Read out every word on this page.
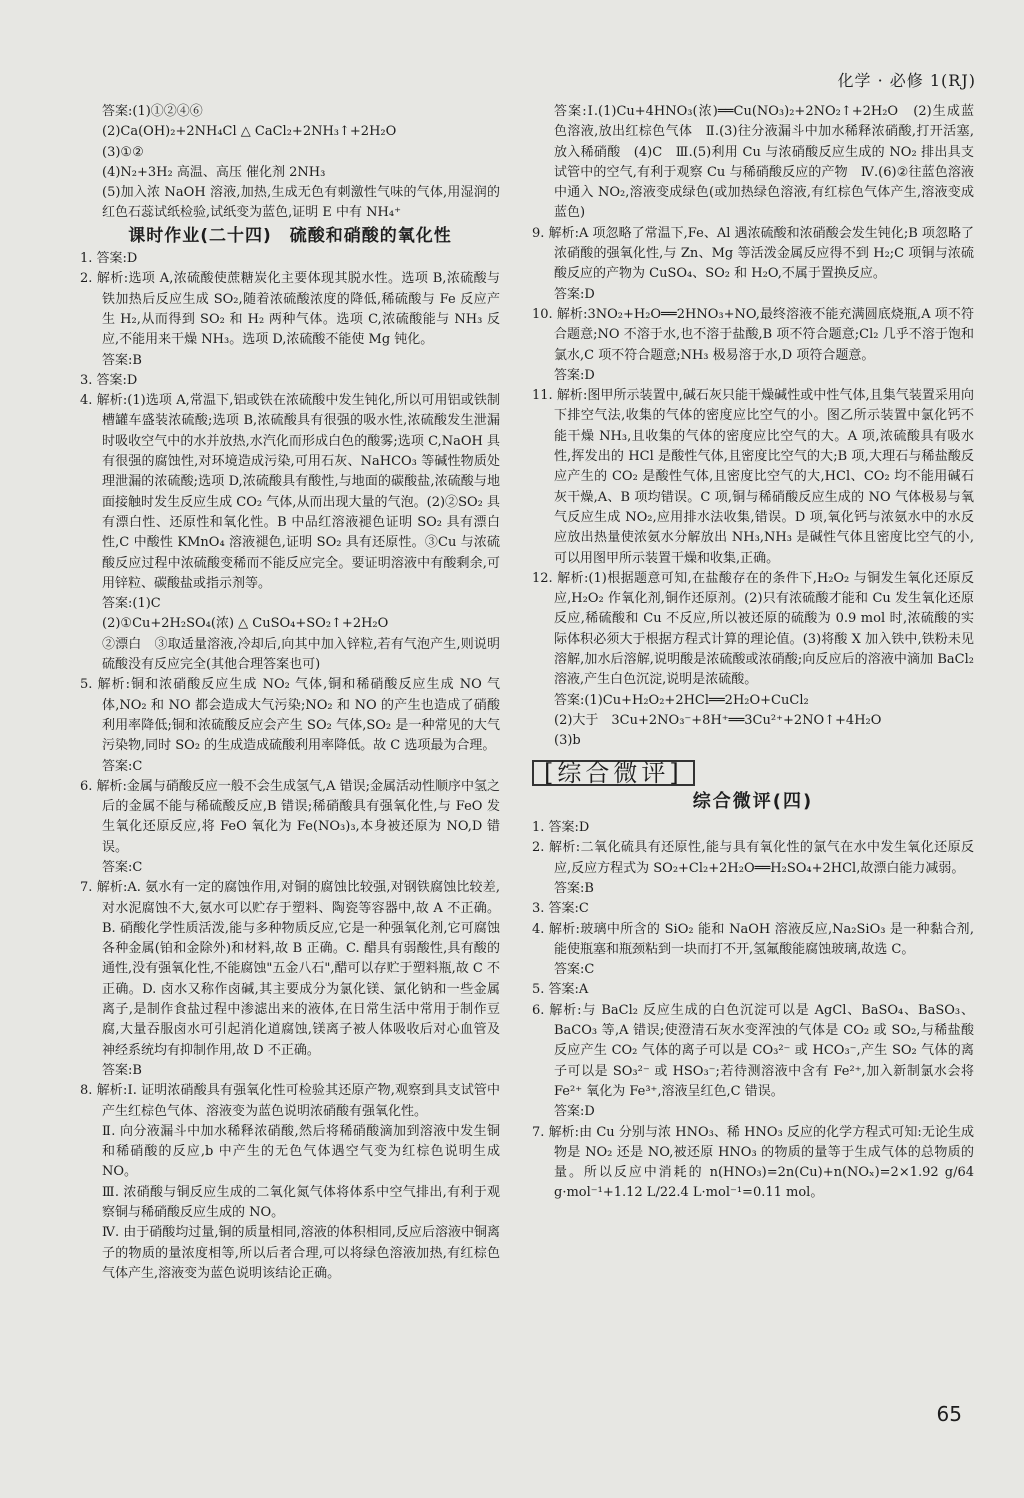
化学 · 必修 1(RJ)

答案:(1)①②④⑥

(2)Ca(OH)₂+2NH₄Cl △ CaCl₂+2NH₃↑+2H₂O

(3)①②

(4)N₂+3H₂ 高温、高压 催化剂 2NH₃

(5)加入浓 NaOH 溶液,加热,生成无色有刺激性气味的气体,用湿润的红色石蕊试纸检验,试纸变为蓝色,证明 E 中有 NH₄⁺

课时作业(二十四)　硫酸和硝酸的氧化性

1. 答案:D

2. 解析:选项 A,浓硫酸使蔗糖炭化主要体现其脱水性。选项 B,浓硫酸与铁加热后反应生成 SO₂,随着浓硫酸浓度的降低,稀硫酸与 Fe 反应产生 H₂,从而得到 SO₂ 和 H₂ 两种气体。选项 C,浓硫酸能与 NH₃ 反应,不能用来干燥 NH₃。选项 D,浓硫酸不能使 Mg 钝化。

答案:B

3. 答案:D

4. 解析:(1)选项 A,常温下,铝或铁在浓硫酸中发生钝化,所以可用铝或铁制槽罐车盛装浓硫酸;选项 B,浓硫酸具有很强的吸水性,浓硫酸发生泄漏时吸收空气中的水并放热,水汽化而形成白色的酸雾;选项 C,NaOH 具有很强的腐蚀性,对环境造成污染,可用石灰、NaHCO₃ 等碱性物质处理泄漏的浓硫酸;选项 D,浓硫酸具有酸性,与地面的碳酸盐,浓硫酸与地面接触时发生反应生成 CO₂ 气体,从而出现大量的气泡。(2)②SO₂ 具有漂白性、还原性和氧化性。B 中品红溶液褪色证明 SO₂ 具有漂白性,C 中酸性 KMnO₄ 溶液褪色,证明 SO₂ 具有还原性。③Cu 与浓硫酸反应过程中浓硫酸变稀而不能反应完全。要证明溶液中有酸剩余,可用锌粒、碳酸盐或指示剂等。

答案:(1)C

(2)①Cu+2H₂SO₄(浓) △ CuSO₄+SO₂↑+2H₂O

②漂白　③取适量溶液,冷却后,向其中加入锌粒,若有气泡产生,则说明硫酸没有反应完全(其他合理答案也可)

5. 解析:铜和浓硝酸反应生成 NO₂ 气体,铜和稀硝酸反应生成 NO 气体,NO₂ 和 NO 都会造成大气污染;NO₂ 和 NO 的产生也造成了硝酸利用率降低;铜和浓硫酸反应会产生 SO₂ 气体,SO₂ 是一种常见的大气污染物,同时 SO₂ 的生成造成硫酸利用率降低。故 C 选项最为合理。

答案:C

6. 解析:金属与硝酸反应一般不会生成氢气,A 错误;金属活动性顺序中氢之后的金属不能与稀硫酸反应,B 错误;稀硝酸具有强氧化性,与 FeO 发生氧化还原反应,将 FeO 氧化为 Fe(NO₃)₃,本身被还原为 NO,D 错误。

答案:C

7. 解析:A. 氨水有一定的腐蚀作用,对铜的腐蚀比较强,对钢铁腐蚀比较差,对水泥腐蚀不大,氨水可以贮存于塑料、陶瓷等容器中,故 A 不正确。B. 硝酸化学性质活泼,能与多种物质反应,它是一种强氧化剂,它可腐蚀各种金属(铂和金除外)和材料,故 B 正确。C. 醋具有弱酸性,具有酸的通性,没有强氧化性,不能腐蚀"五金八石",醋可以存贮于塑料瓶,故 C 不正确。D. 卤水又称作卤碱,其主要成分为氯化镁、氯化钠和一些金属离子,是制作食盐过程中渗滤出来的液体,在日常生活中常用于制作豆腐,大量吞服卤水可引起消化道腐蚀,镁离子被人体吸收后对心血管及神经系统均有抑制作用,故 D 不正确。

答案:B

8. 解析:Ⅰ. 证明浓硝酸具有强氧化性可检验其还原产物,观察到具支试管中产生红棕色气体、溶液变为蓝色说明浓硝酸有强氧化性。

Ⅱ. 向分液漏斗中加水稀释浓硝酸,然后将稀硝酸滴加到溶液中发生铜和稀硝酸的反应,b 中产生的无色气体遇空气变为红棕色说明生成 NO。

Ⅲ. 浓硝酸与铜反应生成的二氧化氮气体将体系中空气排出,有利于观察铜与稀硝酸反应生成的 NO。

Ⅳ. 由于硝酸均过量,铜的质量相同,溶液的体积相同,反应后溶液中铜离子的物质的量浓度相等,所以后者合理,可以将绿色溶液加热,有红棕色气体产生,溶液变为蓝色说明该结论正确。

答案:Ⅰ.(1)Cu+4HNO₃(浓)══Cu(NO₃)₂+2NO₂↑+2H₂O　(2)生成蓝色溶液,放出红棕色气体　Ⅱ.(3)往分液漏斗中加水稀释浓硝酸,打开活塞,放入稀硝酸　(4)C　Ⅲ.(5)利用 Cu 与浓硝酸反应生成的 NO₂ 排出具支试管中的空气,有利于观察 Cu 与稀硝酸反应的产物　Ⅳ.(6)②往蓝色溶液中通入 NO₂,溶液变成绿色(或加热绿色溶液,有红棕色气体产生,溶液变成蓝色)

9. 解析:A 项忽略了常温下,Fe、Al 遇浓硫酸和浓硝酸会发生钝化;B 项忽略了浓硝酸的强氧化性,与 Zn、Mg 等活泼金属反应得不到 H₂;C 项铜与浓硫酸反应的产物为 CuSO₄、SO₂ 和 H₂O,不属于置换反应。

答案:D

10. 解析:3NO₂+H₂O══2HNO₃+NO,最终溶液不能充满圆底烧瓶,A 项不符合题意;NO 不溶于水,也不溶于盐酸,B 项不符合题意;Cl₂ 几乎不溶于饱和氯水,C 项不符合题意;NH₃ 极易溶于水,D 项符合题意。

答案:D

11. 解析:图甲所示装置中,碱石灰只能干燥碱性或中性气体,且集气装置采用向下排空气法,收集的气体的密度应比空气的小。图乙所示装置中氯化钙不能干燥 NH₃,且收集的气体的密度应比空气的大。A 项,浓硫酸具有吸水性,挥发出的 HCl 是酸性气体,且密度比空气的大;B 项,大理石与稀盐酸反应产生的 CO₂ 是酸性气体,且密度比空气的大,HCl、CO₂ 均不能用碱石灰干燥,A、B 项均错误。C 项,铜与稀硝酸反应生成的 NO 气体极易与氧气反应生成 NO₂,应用排水法收集,错误。D 项,氧化钙与浓氨水中的水反应放出热量使浓氨水分解放出 NH₃,NH₃ 是碱性气体且密度比空气的小,可以用图甲所示装置干燥和收集,正确。

12. 解析:(1)根据题意可知,在盐酸存在的条件下,H₂O₂ 与铜发生氧化还原反应,H₂O₂ 作氧化剂,铜作还原剂。(2)只有浓硫酸才能和 Cu 发生氧化还原反应,稀硫酸和 Cu 不反应,所以被还原的硫酸为 0.9 mol 时,浓硫酸的实际体积必须大于根据方程式计算的理论值。(3)将酸 X 加入铁中,铁粉未见溶解,加水后溶解,说明酸是浓硫酸或浓硝酸;向反应后的溶液中滴加 BaCl₂ 溶液,产生白色沉淀,说明是浓硫酸。

答案:(1)Cu+H₂O₂+2HCl══2H₂O+CuCl₂

(2)大于　3Cu+2NO₃⁻+8H⁺══3Cu²⁺+2NO↑+4H₂O

(3)b

[综合微评]
综合微评(四)

1. 答案:D

2. 解析:二氧化硫具有还原性,能与具有氧化性的氯气在水中发生氧化还原反应,反应方程式为 SO₂+Cl₂+2H₂O══H₂SO₄+2HCl,故漂白能力减弱。

答案:B

3. 答案:C

4. 解析:玻璃中所含的 SiO₂ 能和 NaOH 溶液反应,Na₂SiO₃ 是一种黏合剂,能使瓶塞和瓶颈粘到一块而打不开,氢氟酸能腐蚀玻璃,故选 C。

答案:C

5. 答案:A

6. 解析:与 BaCl₂ 反应生成的白色沉淀可以是 AgCl、BaSO₄、BaSO₃、BaCO₃ 等,A 错误;使澄清石灰水变浑浊的气体是 CO₂ 或 SO₂,与稀盐酸反应产生 CO₂ 气体的离子可以是 CO₃²⁻ 或 HCO₃⁻,产生 SO₂ 气体的离子可以是 SO₃²⁻ 或 HSO₃⁻;若待测溶液中含有 Fe²⁺,加入新制氯水会将 Fe²⁺ 氧化为 Fe³⁺,溶液呈红色,C 错误。

答案:D

7. 解析:由 Cu 分别与浓 HNO₃、稀 HNO₃ 反应的化学方程式可知:无论生成物是 NO₂ 还是 NO,被还原 HNO₃ 的物质的量等于生成气体的总物质的量。所以反应中消耗的 n(HNO₃)=2n(Cu)+n(NOₓ)=2×1.92 g/64 g·mol⁻¹+1.12 L/22.4 L·mol⁻¹=0.11 mol。

65
